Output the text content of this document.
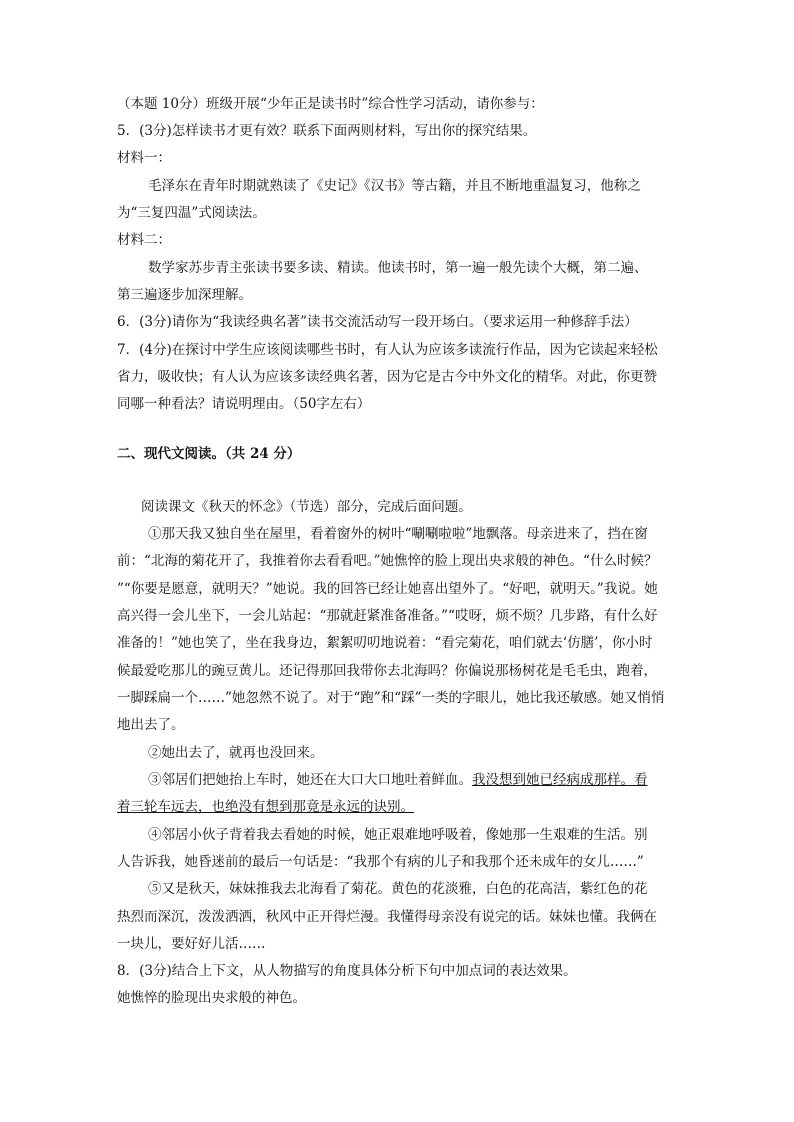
（本题 10分）班级开展“少年正是读书时”综合性学习活动，请你参与：
5．(3分)怎样读书才更有效？联系下面两则材料，写出你的探究结果。
材料一：
毛泽东在青年时期就熟读了《史记》《汉书》等古籍，并且不断地重温复习，他称之
为“三复四温”式阅读法。
材料二：
数学家苏步青主张读书要多读、精读。他读书时，第一遍一般先读个大概，第二遍、
第三遍逐步加深理解。
6．(3分)请你为“我读经典名著”读书交流活动写一段开场白。（要求运用一种修辞手法）
7．(4分)在探讨中学生应该阅读哪些书时，有人认为应该多读流行作品，因为它读起来轻松
省力，吸收快；有人认为应该多读经典名著，因为它是古今中外文化的精华。对此，你更赞
同哪一种看法？请说明理由。（50字左右）
二、现代文阅读。（共 24 分）
阅读课文《秋天的怀念》（节选）部分，完成后面问题。
①那天我又独自坐在屋里，看着窗外的树叶“唰唰啦啦”地飘落。母亲进来了，挡在窗
前：“北海的菊花开了，我推着你去看看吧。”她憔悴的脸上现出央求般的神色。“什么时候？
”“你要是愿意，就明天？”她说。我的回答已经让她喜出望外了。“好吧，就明天。”我说。她
高兴得一会儿坐下，一会儿站起：“那就赶紧准备准备。”“哎呀，烦不烦？几步路，有什么好
准备的！”她也笑了，坐在我身边，絮絮叨叨地说着：“看完菊花，咱们就去‘仿膳’，你小时
候最爱吃那儿的豌豆黄儿。还记得那回我带你去北海吗？你偏说那杨树花是毛毛虫，跑着，
一脚踩扁一个……”她忽然不说了。对于“跑”和“踩”一类的字眼儿，她比我还敏感。她又悄悄
地出去了。
②她出去了，就再也没回来。
③邻居们把她抬上车时，她还在大口大口地吐着鲜血。我没想到她已经病成那样。看
着三轮车远去，也绝没有想到那竟是永远的诀别。
④邻居小伙子背着我去看她的时候，她正艰难地呼吸着，像她那一生艰难的生活。别
人告诉我，她昏迷前的最后一句话是：“我那个有病的儿子和我那个还未成年的女儿……”
⑤又是秋天，妹妹推我去北海看了菊花。黄色的花淡雅，白色的花高洁，紫红色的花
热烈而深沉，泼泼洒洒，秋风中正开得烂漫。我懂得母亲没有说完的话。妹妹也懂。我俩在
一块儿，要好好儿活……
8．(3分)结合上下文，从人物描写的角度具体分析下句中加点词的表达效果。
她憔悴的脸现出央求般的神色。
